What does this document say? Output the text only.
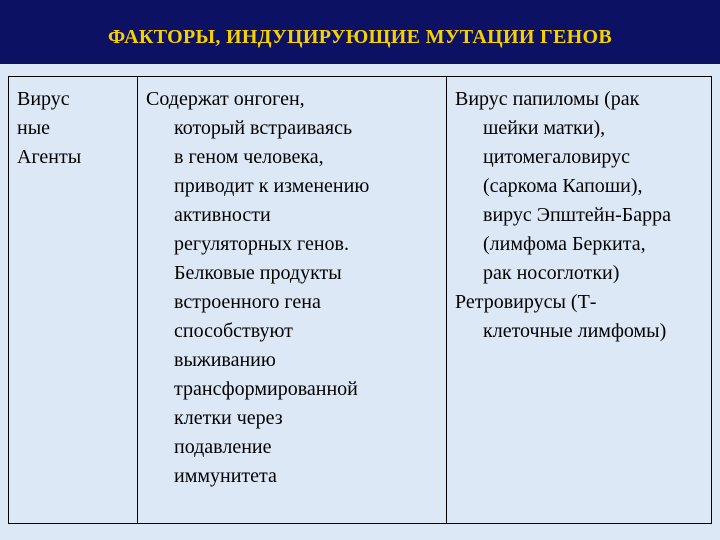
ФАКТОРЫ, ИНДУЦИРУЮЩИЕ МУТАЦИИ ГЕНОВ
Вирус
ные
Агенты

Содержат онгоген,
который встраиваясь
в геном человека,
приводит к изменению
активности
регуляторных генов.
Белковые продукты
встроенного гена
способствуют
выживанию
трансформированной
клетки через
подавление
иммунитета

Вирус папиломы (рак
шейки матки),
цитомегаловирус
(саркома Капоши),
вирус Эпштейн-Барра
(лимфома Беркита,
рак носоглотки)
Ретровирусы (Т-
клеточные лимфомы)
